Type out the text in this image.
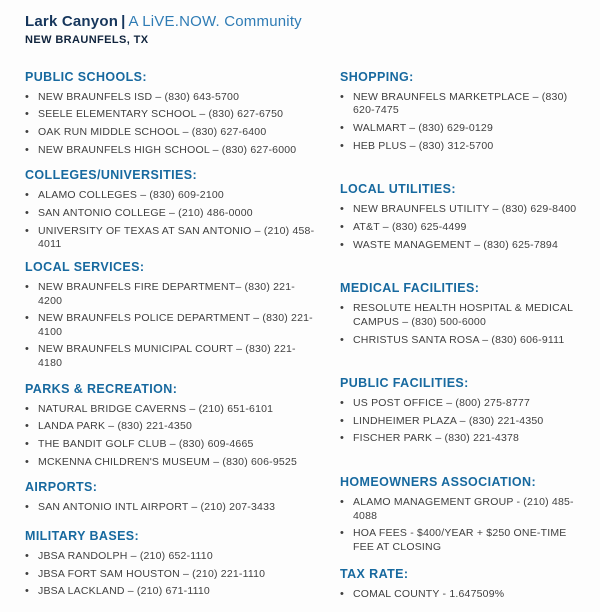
Lark Canyon | A LiVE.NOW. Community
NEW BRAUNFELS, TX
PUBLIC SCHOOLS:
• NEW BRAUNFELS ISD – (830) 643-5700
• SEELE ELEMENTARY SCHOOL – (830) 627-6750
• OAK RUN MIDDLE SCHOOL – (830) 627-6400
• NEW BRAUNFELS HIGH SCHOOL – (830) 627-6000
COLLEGES/UNIVERSITIES:
• ALAMO COLLEGES – (830) 609-2100
• SAN ANTONIO COLLEGE – (210) 486-0000
• UNIVERSITY OF TEXAS AT SAN ANTONIO – (210) 458-4011
LOCAL SERVICES:
• NEW BRAUNFELS FIRE DEPARTMENT– (830) 221-4200
• NEW BRAUNFELS POLICE DEPARTMENT – (830) 221-4100
• NEW BRAUNFELS MUNICIPAL COURT – (830) 221-4180
PARKS & RECREATION:
• NATURAL BRIDGE CAVERNS – (210) 651-6101
• LANDA PARK – (830) 221-4350
• THE BANDIT GOLF CLUB – (830) 609-4665
• MCKENNA CHILDREN'S MUSEUM – (830) 606-9525
AIRPORTS:
• SAN ANTONIO INTL AIRPORT – (210) 207-3433
MILITARY BASES:
• JBSA RANDOLPH – (210) 652-1110
• JBSA FORT SAM HOUSTON – (210) 221-1110
• JBSA LACKLAND – (210) 671-1110
SHOPPING:
• NEW BRAUNFELS MARKETPLACE – (830) 620-7475
• WALMART – (830) 629-0129
• HEB PLUS – (830) 312-5700
LOCAL UTILITIES:
• NEW BRAUNFELS UTILITY – (830) 629-8400
• AT&T – (830) 625-4499
• WASTE MANAGEMENT – (830) 625-7894
MEDICAL FACILITIES:
• RESOLUTE HEALTH HOSPITAL & MEDICAL CAMPUS – (830) 500-6000
• CHRISTUS SANTA ROSA – (830) 606-9111
PUBLIC FACILITIES:
• US POST OFFICE – (800) 275-8777
• LINDHEIMER PLAZA – (830) 221-4350
• FISCHER PARK – (830) 221-4378
HOMEOWNERS ASSOCIATION:
• ALAMO MANAGEMENT GROUP - (210) 485-4088
• HOA FEES - $400/YEAR + $250 ONE-TIME FEE AT CLOSING
TAX RATE:
• COMAL COUNTY - 1.647509%
